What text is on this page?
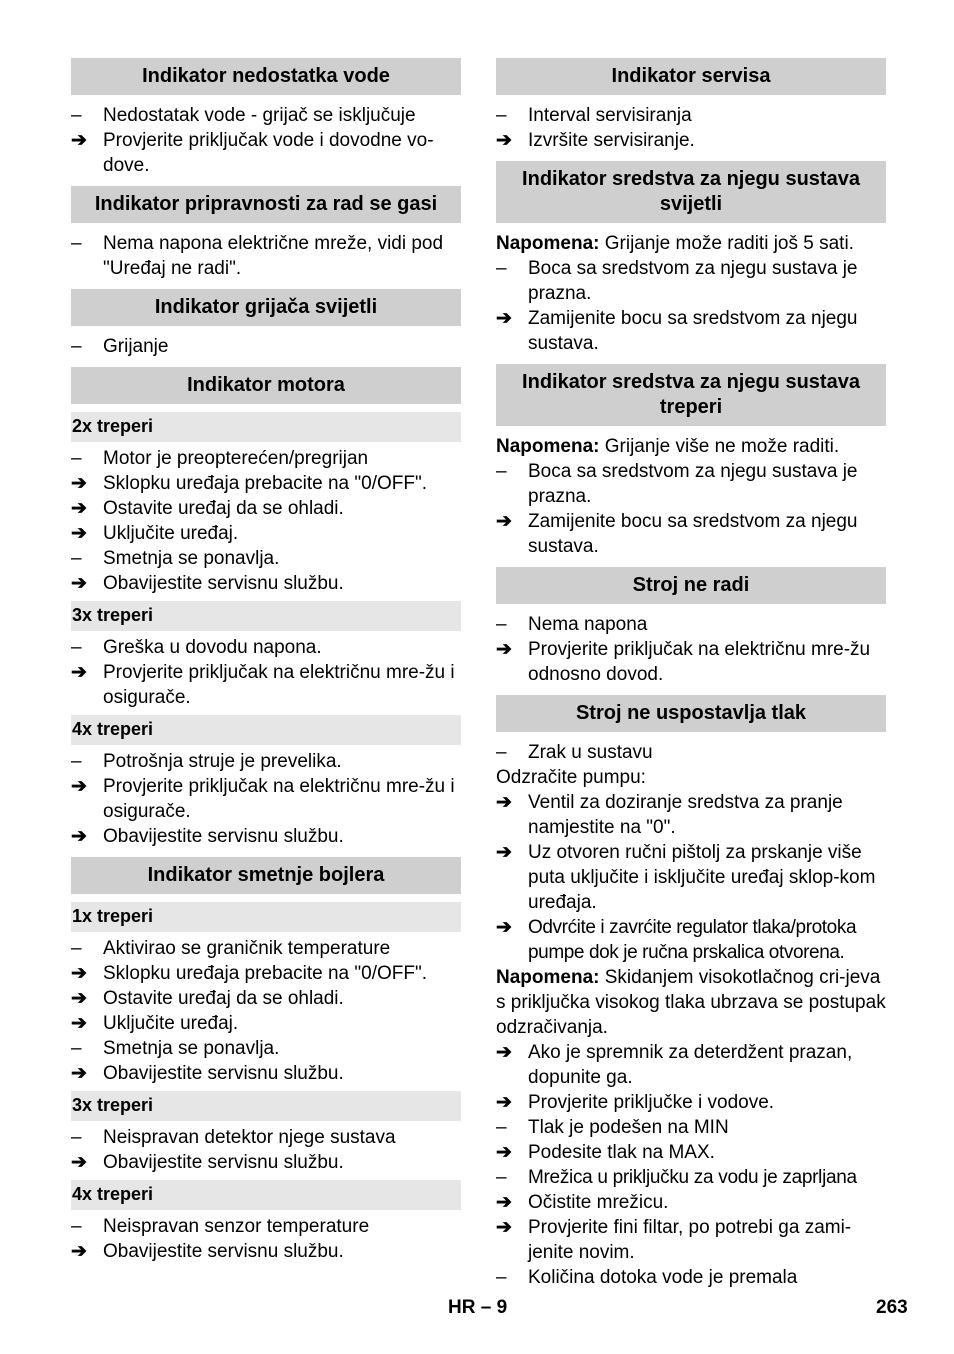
Indikator nedostatka vode
–	Nedostatak vode - grijač se isključuje
➔ Provjerite priključak vode i dovodne vo-dove.
Indikator pripravnosti za rad se gasi
–	Nema napona električne mreže, vidi pod "Uređaj ne radi".
Indikator grijača svijetli
–	Grijanje
Indikator motora
2x treperi
–	Motor je preopterećen/pregrijan
➔ Sklopku uređaja prebacite na "0/OFF".
➔ Ostavite uređaj da se ohladi.
➔ Uključite uređaj.
–	Smetnja se ponavlja.
➔ Obavijestite servisnu službu.
3x treperi
–	Greška u dovodu napona.
➔ Provjerite priključak na električnu mre-žu i osigurače.
4x treperi
–	Potrošnja struje je prevelika.
➔ Provjerite priključak na električnu mre-žu i osigurače.
➔ Obavijestite servisnu službu.
Indikator smetnje bojlera
1x treperi
–	Aktivirao se graničnik temperature
➔ Sklopku uređaja prebacite na "0/OFF".
➔ Ostavite uređaj da se ohladi.
➔ Uključite uređaj.
–	Smetnja se ponavlja.
➔ Obavijestite servisnu službu.
3x treperi
–	Neispravan detektor njege sustava
➔ Obavijestite servisnu službu.
4x treperi
–	Neispravan senzor temperature
➔ Obavijestite servisnu službu.
Indikator servisa
–	Interval servisiranja
➔ Izvršite servisiranje.
Indikator sredstva za njegu sustava svijetli
Napomena: Grijanje može raditi još 5 sati.
–	Boca sa sredstvom za njegu sustava je prazna.
➔ Zamijenite bocu sa sredstvom za njegu sustava.
Indikator sredstva za njegu sustava treperi
Napomena: Grijanje više ne može raditi.
–	Boca sa sredstvom za njegu sustava je prazna.
➔ Zamijenite bocu sa sredstvom za njegu sustava.
Stroj ne radi
–	Nema napona
➔ Provjerite priključak na električnu mre-žu odnosno dovod.
Stroj ne uspostavlja tlak
–	Zrak u sustavu
Odzračite pumpu:
➔ Ventil za doziranje sredstva za pranje namjestite na "0".
➔ Uz otvoren ručni pištolj za prskanje više puta uključite i isključite uređaj sklop-kom uređaja.
➔ Odvrćite i zavrćite regulator tlaka/protoka pumpe dok je ručna prskalica otvorena.
Napomena: Skidanjem visokotlačnog cri-jeva s priključka visokog tlaka ubrzava se postupak odzračivanja.
➔ Ako je spremnik za deterdžent prazan, dopunite ga.
➔ Provjerite priključke i vodove.
–	Tlak je podešen na MIN
➔ Podesite tlak na MAX.
–	Mrežica u priključku za vodu je zaprljana
➔ Očistite mrežicu.
➔ Provjerite fini filtar, po potrebi ga zami-jenite novim.
–	Količina dotoka vode je premala
HR – 9	263
